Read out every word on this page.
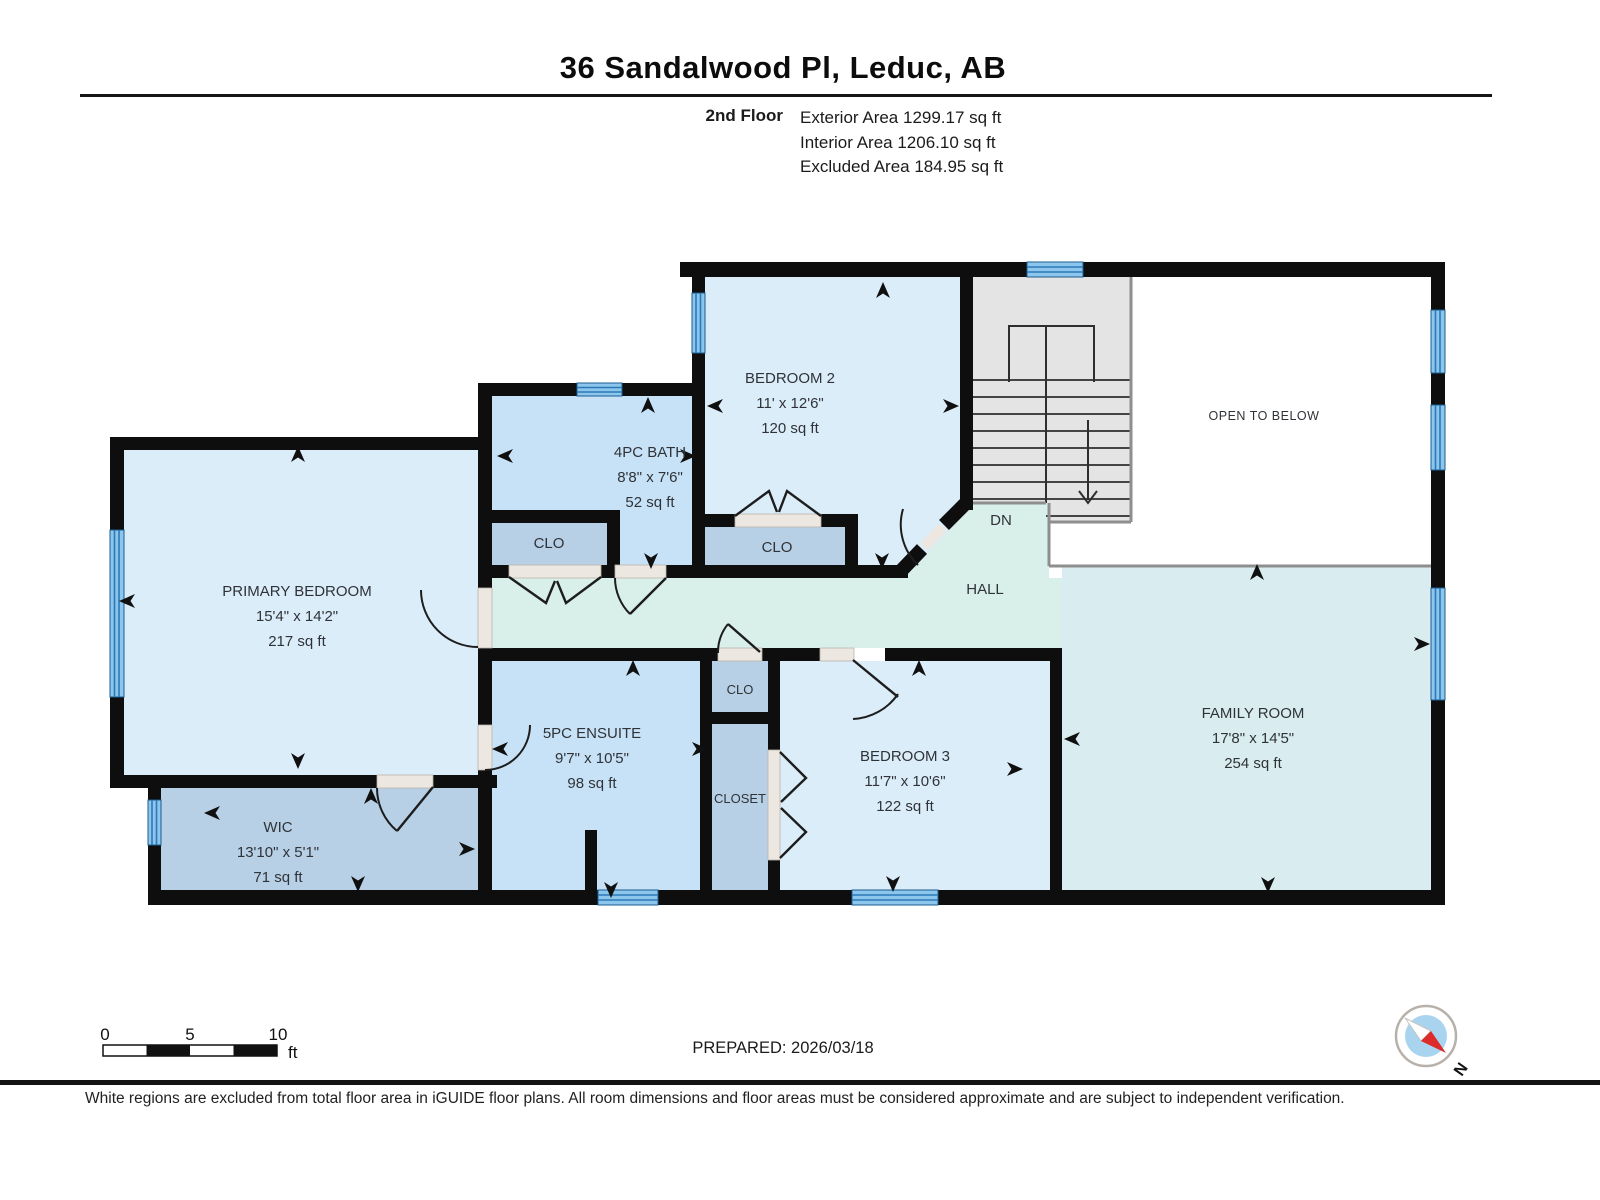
36 Sandalwood Pl, Leduc, AB
2nd Floor Exterior Area 1299.17 sq ft
Interior Area 1206.10 sq ft
Excluded Area 184.95 sq ft
PRIMARY BEDROOM
15'4" x 14'2"
217 sq ft
WIC
13'10" x 5'1"
71 sq ft
4PC BATH
8'8" x 7'6"
52 sq ft
BEDROOM 2
11' x 12'6"
120 sq ft
CLO	CLO
CLO
CLOSET
5PC ENSUITE
9'7" x 10'5"
98 sq ft
BEDROOM 3
11'7" x 10'6"
122 sq ft
FAMILY ROOM
17'8" x 14'5"
254 sq ft
HALL
DN
OPEN TO BELOW
0	5	10
ft
N
PREPARED: 2026/03/18
White regions are excluded from total floor area in iGUIDE floor plans. All room dimensions and floor areas must be considered approximate and are subject to independent verification.
